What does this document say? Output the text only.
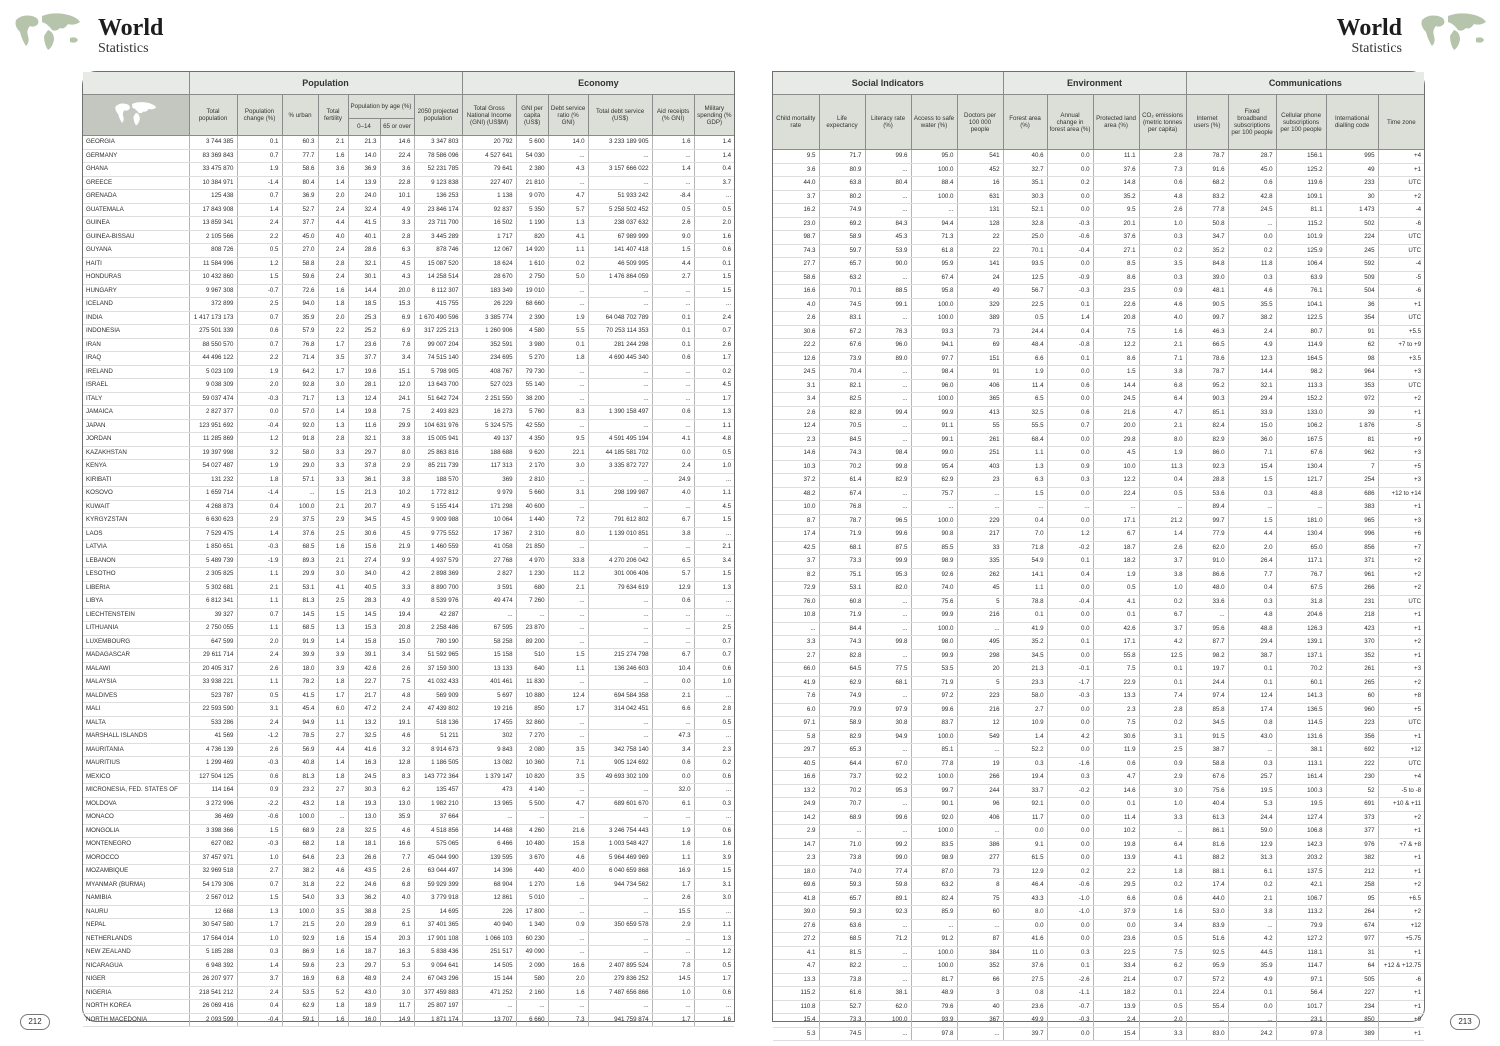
World
Statistics
	Population							Economy					
	Total population	Population change (%)	% urban	Total fertility	Population by age (%)		2050 projected population	Total Gross National Income (GNI) (US$M)	GNI per capita (US$)	Debt service ratio (% GNI)	Total debt service (US$)	Aid receipts (% GNI)	Military spending (% GDP)
					0–14	65 or over							
GEORGIA	3 744 385	0.1	60.3	2.1	21.3	14.6	3 347 803	20 792	5 600	14.0	3 233 189 905	1.6	1.4
GERMANY	83 369 843	0.7	77.7	1.6	14.0	22.4	78 586 096	4 527 641	54 030	...	...	...	1.4
GHANA	33 475 870	1.9	58.6	3.6	36.9	3.6	52 231 785	79 641	2 380	4.3	3 157 666 022	1.4	0.4
GREECE	10 384 971	-1.4	80.4	1.4	13.9	22.8	9 123 838	227 407	21 810	...	...	...	3.7
GRENADA	125 438	0.7	36.9	2.0	24.0	10.1	136 253	1 138	9 070	4.7	51 933 242	-8.4	...
GUATEMALA	17 843 908	1.4	52.7	2.4	32.4	4.9	23 846 174	92 837	5 350	5.7	5 258 502 452	0.5	0.5
GUINEA	13 859 341	2.4	37.7	4.4	41.5	3.3	23 711 700	16 502	1 190	1.3	238 037 632	2.6	2.0
GUINEA-BISSAU	2 105 566	2.2	45.0	4.0	40.1	2.8	3 445 289	1 717	820	4.1	67 989 999	9.0	1.6
GUYANA	808 726	0.5	27.0	2.4	28.6	6.3	878 746	12 067	14 920	1.1	141 407 418	1.5	0.6
HAITI	11 584 996	1.2	58.8	2.8	32.1	4.5	15 087 520	18 624	1 610	0.2	46 509 995	4.4	0.1
HONDURAS	10 432 860	1.5	59.6	2.4	30.1	4.3	14 258 514	28 670	2 750	5.0	1 476 864 059	2.7	1.5
HUNGARY	9 967 308	-0.7	72.6	1.6	14.4	20.0	8 112 307	183 349	19 010	...	...	...	1.5
ICELAND	372 899	2.5	94.0	1.8	18.5	15.3	415 755	26 229	68 660	...	...	...	...
INDIA	1 417 173 173	0.7	35.9	2.0	25.3	6.9	1 670 490 596	3 385 774	2 390	1.9	64 048 702 789	0.1	2.4
INDONESIA	275 501 339	0.6	57.9	2.2	25.2	6.9	317 225 213	1 260 906	4 580	5.5	70 253 114 353	0.1	0.7
IRAN	88 550 570	0.7	76.8	1.7	23.6	7.6	99 007 204	352 591	3 980	0.1	281 244 298	0.1	2.6
IRAQ	44 496 122	2.2	71.4	3.5	37.7	3.4	74 515 140	234 695	5 270	1.8	4 690 445 340	0.6	1.7
IRELAND	5 023 109	1.9	64.2	1.7	19.6	15.1	5 798 905	408 767	79 730	...	...	...	0.2
ISRAEL	9 038 309	2.0	92.8	3.0	28.1	12.0	13 643 700	527 023	55 140	...	...	...	4.5
ITALY	59 037 474	-0.3	71.7	1.3	12.4	24.1	51 642 724	2 251 550	38 200	...	...	...	1.7
JAMAICA	2 827 377	0.0	57.0	1.4	19.8	7.5	2 493 823	16 273	5 760	8.3	1 390 158 497	0.6	1.3
JAPAN	123 951 692	-0.4	92.0	1.3	11.6	29.9	104 631 976	5 324 575	42 550	...	...	...	1.1
JORDAN	11 285 869	1.2	91.8	2.8	32.1	3.8	15 005 941	49 137	4 350	9.5	4 591 495 194	4.1	4.8
KAZAKHSTAN	19 397 998	3.2	58.0	3.3	29.7	8.0	25 863 816	188 688	9 620	22.1	44 185 581 702	0.0	0.5
KENYA	54 027 487	1.9	29.0	3.3	37.8	2.9	85 211 739	117 313	2 170	3.0	3 335 872 727	2.4	1.0
KIRIBATI	131 232	1.8	57.1	3.3	36.1	3.8	188 570	369	2 810	...	...	24.9	...
KOSOVO	1 659 714	-1.4	...	1.5	21.3	10.2	1 772 812	9 979	5 660	3.1	298 199 987	4.0	1.1
KUWAIT	4 268 873	0.4	100.0	2.1	20.7	4.9	5 155 414	171 298	40 600	...	...	...	4.5
KYRGYZSTAN	6 630 623	2.9	37.5	2.9	34.5	4.5	9 909 988	10 064	1 440	7.2	791 612 802	6.7	1.5
LAOS	7 529 475	1.4	37.6	2.5	30.6	4.5	9 775 552	17 367	2 310	8.0	1 139 010 851	3.8	...
LATVIA	1 850 651	-0.3	68.5	1.6	15.6	21.9	1 460 559	41 058	21 850	...	...	...	2.1
LEBANON	5 489 739	-1.9	89.3	2.1	27.4	9.9	4 937 579	27 768	4 970	33.8	4 270 206 042	6.5	3.4
LESOTHO	2 305 825	1.1	29.9	3.0	34.0	4.2	2 898 369	2 827	1 230	11.2	301 006 406	5.7	1.5
LIBERIA	5 302 681	2.1	53.1	4.1	40.5	3.3	8 890 700	3 591	680	2.1	79 634 619	12.9	1.3
LIBYA	6 812 341	1.1	81.3	2.5	28.3	4.9	8 539 976	49 474	7 260	...	...	0.6	...
LIECHTENSTEIN	39 327	0.7	14.5	1.5	14.5	19.4	42 287	...	...	...	...	...	...
LITHUANIA	2 750 055	1.1	68.5	1.3	15.3	20.8	2 258 486	67 595	23 870	...	...	...	2.5
LUXEMBOURG	647 599	2.0	91.9	1.4	15.8	15.0	780 190	58 258	89 200	...	...	...	0.7
MADAGASCAR	29 611 714	2.4	39.9	3.9	39.1	3.4	51 592 965	15 158	510	1.5	215 274 798	6.7	0.7
MALAWI	20 405 317	2.6	18.0	3.9	42.6	2.6	37 159 300	13 133	640	1.1	136 246 603	10.4	0.6
MALAYSIA	33 938 221	1.1	78.2	1.8	22.7	7.5	41 032 433	401 461	11 830	...	...	0.0	1.0
MALDIVES	523 787	0.5	41.5	1.7	21.7	4.8	569 909	5 697	10 880	12.4	694 584 358	2.1	...
MALI	22 593 590	3.1	45.4	6.0	47.2	2.4	47 439 802	19 216	850	1.7	314 042 451	6.6	2.8
MALTA	533 286	2.4	94.9	1.1	13.2	19.1	518 136	17 455	32 860	...	...	...	0.5
MARSHALL ISLANDS	41 569	-1.2	78.5	2.7	32.5	4.6	51 211	302	7 270	...	...	47.3	...
MAURITANIA	4 736 139	2.6	56.9	4.4	41.6	3.2	8 914 673	9 843	2 080	3.5	342 758 140	3.4	2.3
MAURITIUS	1 299 469	-0.3	40.8	1.4	16.3	12.8	1 186 505	13 082	10 360	7.1	905 124 692	0.6	0.2
MEXICO	127 504 125	0.6	81.3	1.8	24.5	8.3	143 772 364	1 379 147	10 820	3.5	49 693 302 109	0.0	0.6
MICRONESIA, FED. STATES OF	114 164	0.9	23.2	2.7	30.3	6.2	135 457	473	4 140	...	...	32.0	...
MOLDOVA	3 272 996	-2.2	43.2	1.8	19.3	13.0	1 982 210	13 965	5 500	4.7	689 601 670	6.1	0.3
MONACO	36 469	-0.6	100.0	...	13.0	35.9	37 664	...	...	...	...	...	...
MONGOLIA	3 398 366	1.5	68.9	2.8	32.5	4.6	4 518 856	14 468	4 260	21.6	3 246 754 443	1.9	0.6
MONTENEGRO	627 082	-0.3	68.2	1.8	18.1	16.6	575 065	6 466	10 480	15.8	1 003 548 427	1.6	1.6
MOROCCO	37 457 971	1.0	64.6	2.3	26.6	7.7	45 044 990	139 595	3 670	4.6	5 964 469 969	1.1	3.9
MOZAMBIQUE	32 969 518	2.7	38.2	4.6	43.5	2.6	63 044 497	14 396	440	40.0	6 040 659 868	16.9	1.5
MYANMAR (BURMA)	54 179 306	0.7	31.8	2.2	24.6	6.8	59 929 399	68 904	1 270	1.6	944 734 562	1.7	3.1
NAMIBIA	2 567 012	1.5	54.0	3.3	36.2	4.0	3 779 918	12 861	5 010	...	...	2.6	3.0
NAURU	12 668	1.3	100.0	3.5	38.8	2.5	14 695	226	17 800	...	...	15.5	...
NEPAL	30 547 580	1.7	21.5	2.0	28.9	6.1	37 401 365	40 940	1 340	0.9	350 659 578	2.9	1.1
NETHERLANDS	17 564 014	1.0	92.9	1.6	15.4	20.3	17 901 108	1 066 103	60 230	...	...	...	1.3
NEW ZEALAND	5 185 288	0.3	86.9	1.6	18.7	16.3	5 838 436	251 517	49 090	...	...	...	1.2
NICARAGUA	6 948 392	1.4	59.6	2.3	29.7	5.3	9 094 641	14 505	2 090	16.6	2 407 895 524	7.8	0.5
NIGER	26 207 977	3.7	16.9	6.8	48.9	2.4	67 043 296	15 144	580	2.0	279 836 252	14.5	1.7
NIGERIA	218 541 212	2.4	53.5	5.2	43.0	3.0	377 459 883	471 252	2 160	1.6	7 487 656 866	1.0	0.6
NORTH KOREA	26 069 416	0.4	62.9	1.8	18.9	11.7	25 807 197	...	...	...	...	...	...
NORTH MACEDONIA	2 093 599	-0.4	59.1	1.6	16.0	14.9	1 871 174	13 707	6 660	7.3	941 759 874	1.7	1.6
212
World
Statistics
Social Indicators					Environment				Communications				
Child mortality rate	Life expectancy	Literacy rate (%)	Access to safe water (%)	Doctors per 100 000 people	Forest area (%)	Annual change in forest area (%)	Protected land area (%)	CO₂ emissions (metric tonnes per capita)	Internet users (%)	Fixed broadband subscriptions per 100 people	Cellular phone subscriptions per 100 people	International dialling code	Time zone
9.5	71.7	99.6	95.0	541	40.6	0.0	11.1	2.8	78.7	28.7	156.1	995	+4
3.6	80.9	...	100.0	452	32.7	0.0	37.6	7.3	91.6	45.0	125.2	49	+1
44.0	63.8	80.4	88.4	16	35.1	0.2	14.8	0.6	68.2	0.6	119.6	233	UTC
3.7	80.2	...	100.0	631	30.3	0.0	35.2	4.8	83.2	42.8	109.1	30	+2
16.2	74.9	...	...	131	52.1	0.0	9.5	2.6	77.8	24.5	81.1	1 473	-4
23.0	69.2	84.3	94.4	128	32.8	-0.3	20.1	1.0	50.8	...	115.2	502	-6
98.7	58.9	45.3	71.3	22	25.0	-0.6	37.6	0.3	34.7	0.0	101.9	224	UTC
74.3	59.7	53.9	61.8	22	70.1	-0.4	27.1	0.2	35.2	0.2	125.9	245	UTC
27.7	65.7	90.0	95.9	141	93.5	0.0	8.5	3.5	84.8	11.8	106.4	592	-4
58.6	63.2	...	67.4	24	12.5	-0.9	8.6	0.3	39.0	0.3	63.9	509	-5
16.6	70.1	88.5	95.8	49	56.7	-0.3	23.5	0.9	48.1	4.6	76.1	504	-6
4.0	74.5	99.1	100.0	329	22.5	0.1	22.6	4.6	90.5	35.5	104.1	36	+1
2.6	83.1	...	100.0	389	0.5	1.4	20.8	4.0	99.7	38.2	122.5	354	UTC
30.6	67.2	76.3	93.3	73	24.4	0.4	7.5	1.6	46.3	2.4	80.7	91	+5.5
22.2	67.6	96.0	94.1	69	48.4	-0.8	12.2	2.1	66.5	4.9	114.9	62	+7 to +9
12.6	73.9	89.0	97.7	151	6.6	0.1	8.6	7.1	78.6	12.3	164.5	98	+3.5
24.5	70.4	...	98.4	91	1.9	0.0	1.5	3.8	78.7	14.4	98.2	964	+3
3.1	82.1	...	96.0	406	11.4	0.6	14.4	6.8	95.2	32.1	113.3	353	UTC
3.4	82.5	...	100.0	365	6.5	0.0	24.5	6.4	90.3	29.4	152.2	972	+2
2.6	82.8	99.4	99.9	413	32.5	0.6	21.6	4.7	85.1	33.9	133.0	39	+1
12.4	70.5	...	91.1	55	55.5	0.7	20.0	2.1	82.4	15.0	106.2	1 876	-5
2.3	84.5	...	99.1	261	68.4	0.0	29.8	8.0	82.9	36.0	167.5	81	+9
14.6	74.3	98.4	99.0	251	1.1	0.0	4.5	1.9	86.0	7.1	67.6	962	+3
10.3	70.2	99.8	95.4	403	1.3	0.9	10.0	11.3	92.3	15.4	130.4	7	+5
37.2	61.4	82.9	62.9	23	6.3	0.3	12.2	0.4	28.8	1.5	121.7	254	+3
48.2	67.4	...	75.7	...	1.5	0.0	22.4	0.5	53.6	0.3	48.8	686	+12 to +14
10.0	76.8	...	...	...	...	...	...	...	89.4	...	...	383	+1
8.7	78.7	96.5	100.0	229	0.4	0.0	17.1	21.2	99.7	1.5	181.0	965	+3
17.4	71.9	99.6	90.8	217	7.0	1.2	6.7	1.4	77.9	4.4	130.4	996	+6
42.5	68.1	87.5	85.5	33	71.8	-0.2	18.7	2.6	62.0	2.0	65.0	856	+7
3.7	73.3	99.9	98.9	335	54.9	0.1	18.2	3.7	91.0	26.4	117.1	371	+2
8.2	75.1	95.3	92.6	262	14.1	0.4	1.9	3.8	86.6	7.7	76.7	961	+2
72.9	53.1	82.0	74.0	45	1.1	0.0	0.5	1.0	48.0	0.4	67.5	266	+2
76.0	60.8	...	75.6	5	78.8	-0.4	4.1	0.2	33.6	0.3	31.8	231	UTC
10.8	71.9	...	99.9	216	0.1	0.0	0.1	6.7	...	4.8	204.6	218	+1
...	84.4	...	100.0	...	41.9	0.0	42.6	3.7	95.6	48.8	126.3	423	+1
3.3	74.3	99.8	98.0	495	35.2	0.1	17.1	4.2	87.7	29.4	139.1	370	+2
2.7	82.8	...	99.9	298	34.5	0.0	55.8	12.5	98.2	38.7	137.1	352	+1
66.0	64.5	77.5	53.5	20	21.3	-0.1	7.5	0.1	19.7	0.1	70.2	261	+3
41.9	62.9	68.1	71.9	5	23.3	-1.7	22.9	0.1	24.4	0.1	60.1	265	+2
7.6	74.9	...	97.2	223	58.0	-0.3	13.3	7.4	97.4	12.4	141.3	60	+8
6.0	79.9	97.9	99.6	216	2.7	0.0	2.3	2.8	85.8	17.4	136.5	960	+5
97.1	58.9	30.8	83.7	12	10.9	0.0	7.5	0.2	34.5	0.8	114.5	223	UTC
5.8	82.9	94.9	100.0	549	1.4	4.2	30.6	3.1	91.5	43.0	131.6	356	+1
29.7	65.3	...	85.1	...	52.2	0.0	11.9	2.5	38.7	...	38.1	692	+12
40.5	64.4	67.0	77.8	19	0.3	-1.6	0.6	0.9	58.8	0.3	113.1	222	UTC
16.6	73.7	92.2	100.0	266	19.4	0.3	4.7	2.9	67.6	25.7	161.4	230	+4
13.2	70.2	95.3	99.7	244	33.7	-0.2	14.6	3.0	75.6	19.5	100.3	52	-5 to -8
24.9	70.7	...	90.1	96	92.1	0.0	0.1	1.0	40.4	5.3	19.5	691	+10 & +11
14.2	68.9	99.6	92.0	406	11.7	0.0	11.4	3.3	61.3	24.4	127.4	373	+2
2.9	...	...	100.0	...	0.0	0.0	10.2	...	86.1	59.0	106.8	377	+1
14.7	71.0	99.2	83.5	386	9.1	0.0	19.8	6.4	81.6	12.9	142.3	976	+7 & +8
2.3	73.8	99.0	98.9	277	61.5	0.0	13.9	4.1	88.2	31.3	203.2	382	+1
18.0	74.0	77.4	87.0	73	12.9	0.2	2.2	1.8	88.1	6.1	137.5	212	+1
69.6	59.3	59.8	63.2	8	46.4	-0.6	29.5	0.2	17.4	0.2	42.1	258	+2
41.8	65.7	89.1	82.4	75	43.3	-1.0	6.6	0.6	44.0	2.1	106.7	95	+6.5
39.0	59.3	92.3	85.9	60	8.0	-1.0	37.9	1.6	53.0	3.8	113.2	264	+2
27.6	63.6	...	...	...	0.0	0.0	0.0	3.4	83.9	...	79.9	674	+12
27.2	68.5	71.2	91.2	87	41.6	0.0	23.6	0.5	51.6	4.2	127.2	977	+5.75
4.1	81.5	...	100.0	384	11.0	0.3	22.5	7.5	92.5	44.5	118.1	31	+1
4.7	82.2	...	100.0	352	37.6	0.1	33.4	6.2	95.9	35.9	114.7	64	+12 & +12.75
13.3	73.8	...	81.7	66	27.5	-2.6	21.4	0.7	57.2	4.9	97.1	505	-6
115.2	61.6	38.1	48.9	3	0.8	-1.1	18.2	0.1	22.4	0.1	56.4	227	+1
110.8	52.7	62.0	79.6	40	23.6	-0.7	13.9	0.5	55.4	0.0	101.7	234	+1
15.4	73.3	100.0	93.9	367	49.9	-0.3	2.4	2.0	...	...	23.1	850	+9
5.3	74.5	...	97.8	...	39.7	0.0	15.4	3.3	83.0	24.2	97.8	389	+1
213
